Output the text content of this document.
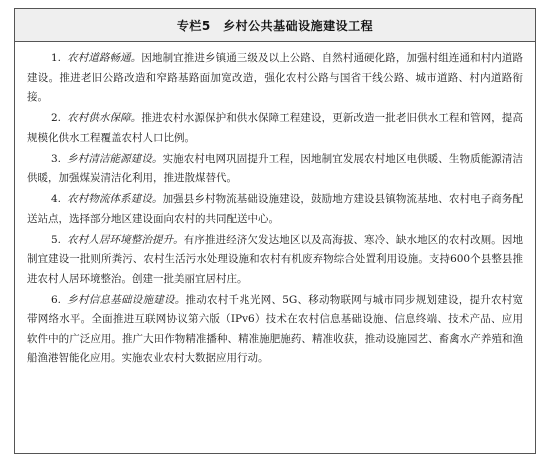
专栏5　乡村公共基础设施建设工程

1. 农村道路畅通。因地制宜推进乡镇通三级及以上公路、自然村通硬化路，加强村组连通和村内道路建设。推进老旧公路改造和窄路基路面加宽改造，强化农村公路与国省干线公路、城市道路、村内道路衔接。

2. 农村供水保障。推进农村水源保护和供水保障工程建设，更新改造一批老旧供水工程和管网，提高规模化供水工程覆盖农村人口比例。

3. 乡村清洁能源建设。实施农村电网巩固提升工程，因地制宜发展农村地区电供暖、生物质能源清洁供暖，加强煤炭清洁化利用，推进散煤替代。

4. 农村物流体系建设。加强县乡村物流基础设施建设，鼓励地方建设县镇物流基地、农村电子商务配送站点，选择部分地区建设面向农村的共同配送中心。

5. 农村人居环境整治提升。有序推进经济欠发达地区以及高海拔、寒冷、缺水地区的农村改厕。因地制宜建设一批则所粪污、农村生活污水处理设施和农村有机废弃物综合处置利用设施。支持600个县整县推进农村人居环境整治。创建一批美丽宜居村庄。

6. 乡村信息基础设施建设。推动农村千兆光网、5G、移动物联网与城市同步规划建设，提升农村宽带网络水平。全面推进互联网协议第六版（IPv6）技术在农村信息基础设施、信息终端、技术产品、应用软件中的广泛应用。推广大田作物精准播种、精准施肥施药、精准收获，推动设施园艺、畜禽水产养殖和渔船渔港智能化应用。实施农业农村大数据应用行动。
